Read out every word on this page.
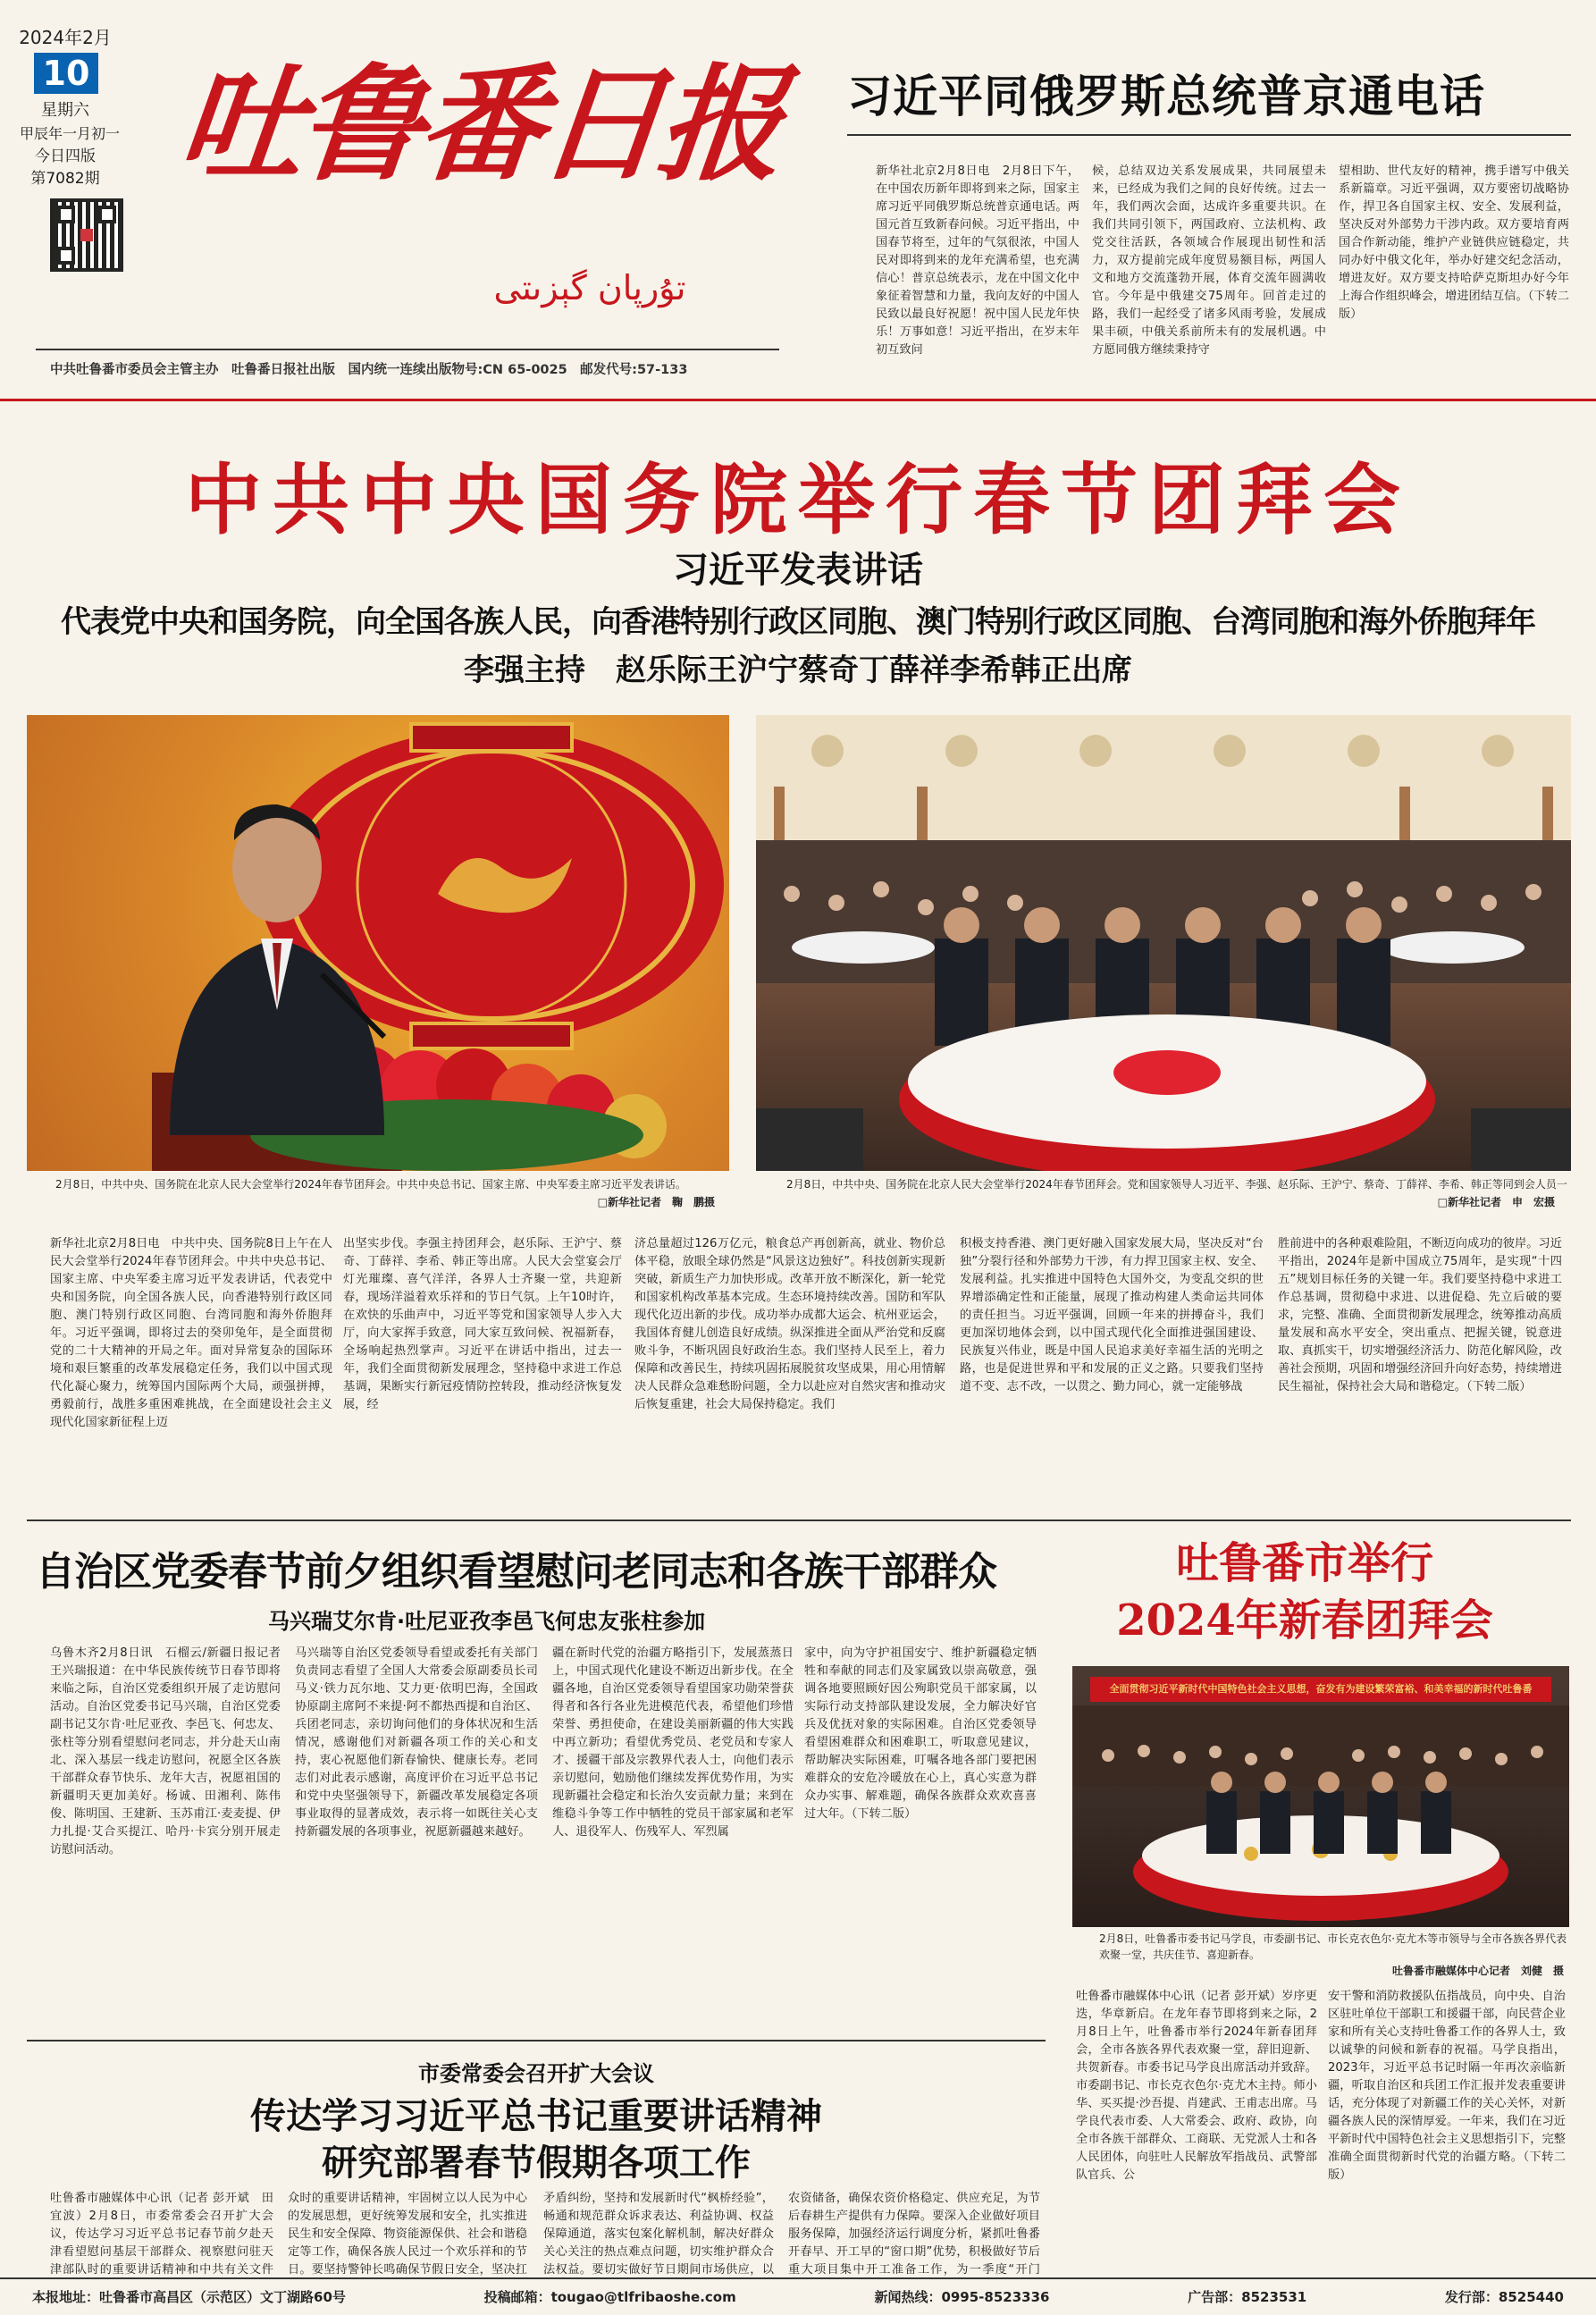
2024年2月
10
星期六
甲辰年一月初一
今日四版
第7082期 吐鲁番日报
تۇرپان گېزىتى
中共吐鲁番市委员会主管主办　吐鲁番日报社出版　国内统一连续出版物号:CN 65-0025　邮发代号:57-133
习近平同俄罗斯总统普京通电话
新华社北京2月8日电　2月8日下午，在中国农历新年即将到来之际，国家主席习近平同俄罗斯总统普京通电话。两国元首互致新春问候。习近平指出，中国春节将至，过年的气氛很浓，中国人民对即将到来的龙年充满希望，也充满信心！普京总统表示，龙在中国文化中象征着智慧和力量，我向友好的中国人民致以最良好祝愿！祝中国人民龙年快乐！万事如意！习近平指出，在岁末年初互致问
候，总结双边关系发展成果，共同展望未来，已经成为我们之间的良好传统。过去一年，我们两次会面，达成许多重要共识。在我们共同引领下，两国政府、立法机构、政党交往活跃，各领域合作展现出韧性和活力，双方提前完成年度贸易额目标，两国人文和地方交流蓬勃开展，体育交流年圆满收官。今年是中俄建交75周年。回首走过的路，我们一起经受了诸多风雨考验，发展成果丰硕，中俄关系前所未有的发展机遇。中方愿同俄方继续秉持守
望相助、世代友好的精神，携手谱写中俄关系新篇章。习近平强调，双方要密切战略协作，捍卫各自国家主权、安全、发展利益，坚决反对外部势力干涉内政。双方要培育两国合作新动能，维护产业链供应链稳定，共同办好中俄文化年，举办好建交纪念活动，增进友好。双方要支持哈萨克斯坦办好今年上海合作组织峰会，增进团结互信。（下转二版）
中共中央国务院举行春节团拜会
习近平发表讲话
代表党中央和国务院，向全国各族人民，向香港特别行政区同胞、澳门特别行政区同胞、台湾同胞和海外侨胞拜年
李强主持　赵乐际王沪宁蔡奇丁薛祥李希韩正出席
2月8日，中共中央、国务院在北京人民大会堂举行2024年春节团拜会。中共中央总书记、国家主席、中央军委主席习近平发表讲话。
□新华社记者　鞠　鹏摄
2月8日，中共中央、国务院在北京人民大会堂举行2024年春节团拜会。党和国家领导人习近平、李强、赵乐际、王沪宁、蔡奇、丁薛祥、李希、韩正等同到会人员一
□新华社记者　申　宏摄
新华社北京2月8日电　中共中央、国务院8日上午在人民大会堂举行2024年春节团拜会。中共中央总书记、国家主席、中央军委主席习近平发表讲话，代表党中央和国务院，向全国各族人民，向香港特别行政区同胞、澳门特别行政区同胞、台湾同胞和海外侨胞拜年。习近平强调，即将过去的癸卯兔年，是全面贯彻党的二十大精神的开局之年。面对异常复杂的国际环境和艰巨繁重的改革发展稳定任务，我们以中国式现代化凝心聚力，统筹国内国际两个大局，顽强拼搏，勇毅前行，战胜多重困难挑战，在全面建设社会主义现代化国家新征程上迈
出坚实步伐。李强主持团拜会，赵乐际、王沪宁、蔡奇、丁薛祥、李希、韩正等出席。人民大会堂宴会厅灯光璀璨、喜气洋洋，各界人士齐聚一堂，共迎新春，现场洋溢着欢乐祥和的节日气氛。上午10时许，在欢快的乐曲声中，习近平等党和国家领导人步入大厅，向大家挥手致意，同大家互致问候、祝福新春，全场响起热烈掌声。习近平在讲话中指出，过去一年，我们全面贯彻新发展理念，坚持稳中求进工作总基调，果断实行新冠疫情防控转段，推动经济恢复发展，经
济总量超过126万亿元，粮食总产再创新高，就业、物价总体平稳，放眼全球仍然是“风景这边独好”。科技创新实现新突破，新质生产力加快形成。改革开放不断深化，新一轮党和国家机构改革基本完成。生态环境持续改善。国防和军队现代化迈出新的步伐。成功举办成都大运会、杭州亚运会，我国体育健儿创造良好成绩。纵深推进全面从严治党和反腐败斗争，不断巩固良好政治生态。我们坚持人民至上，着力保障和改善民生，持续巩固拓展脱贫攻坚成果，用心用情解决人民群众急难愁盼问题，全力以赴应对自然灾害和推动灾后恢复重建，社会大局保持稳定。我们
积极支持香港、澳门更好融入国家发展大局，坚决反对“台独”分裂行径和外部势力干涉，有力捍卫国家主权、安全、发展利益。扎实推进中国特色大国外交，为变乱交织的世界增添确定性和正能量，展现了推动构建人类命运共同体的责任担当。习近平强调，回顾一年来的拼搏奋斗，我们更加深切地体会到，以中国式现代化全面推进强国建设、民族复兴伟业，既是中国人民追求美好幸福生活的光明之路，也是促进世界和平和发展的正义之路。只要我们坚持道不变、志不改，一以贯之、勤力同心，就一定能够战
胜前进中的各种艰难险阻，不断迈向成功的彼岸。习近平指出，2024年是新中国成立75周年，是实现“十四五”规划目标任务的关键一年。我们要坚持稳中求进工作总基调，贯彻稳中求进、以进促稳、先立后破的要求，完整、准确、全面贯彻新发展理念，统筹推动高质量发展和高水平安全，突出重点、把握关键，锐意进取、真抓实干，切实增强经济活力、防范化解风险，改善社会预期，巩固和增强经济回升向好态势，持续增进民生福祉，保持社会大局和谐稳定。（下转二版）
自治区党委春节前夕组织看望慰问老同志和各族干部群众
马兴瑞艾尔肯·吐尼亚孜李邑飞何忠友张柱参加
乌鲁木齐2月8日讯　石榴云/新疆日报记者王兴瑞报道：在中华民族传统节日春节即将来临之际，自治区党委组织开展了走访慰问活动。自治区党委书记马兴瑞，自治区党委副书记艾尔肯·吐尼亚孜、李邑飞、何忠友、张柱等分别看望慰问老同志，并分赴天山南北、深入基层一线走访慰问，祝愿全区各族干部群众春节快乐、龙年大吉，祝愿祖国的新疆明天更加美好。杨诚、田湘利、陈伟俊、陈明国、王建新、玉苏甫江·麦麦提、伊力扎提·艾合买提江、哈丹·卡宾分别开展走访慰问活动。
马兴瑞等自治区党委领导看望或委托有关部门负责同志看望了全国人大常委会原副委员长司马义·铁力瓦尔地、艾力更·依明巴海，全国政协原副主席阿不来提·阿不都热西提和自治区、兵团老同志，亲切询问他们的身体状况和生活情况，感谢他们对新疆各项工作的关心和支持，衷心祝愿他们新春愉快、健康长寿。老同志们对此表示感谢，高度评价在习近平总书记和党中央坚强领导下，新疆改革发展稳定各项事业取得的显著成效，表示将一如既往关心支持新疆发展的各项事业，祝愿新疆越来越好。
疆在新时代党的治疆方略指引下，发展蒸蒸日上，中国式现代化建设不断迈出新步伐。在全疆各地，自治区党委领导看望国家功勋荣誉获得者和各行各业先进模范代表，希望他们珍惜荣誉、勇担使命，在建设美丽新疆的伟大实践中再立新功；看望优秀党员、老党员和专家人才、援疆干部及宗教界代表人士，向他们表示亲切慰问，勉励他们继续发挥优势作用，为实现新疆社会稳定和长治久安贡献力量；来到在维稳斗争等工作中牺牲的党员干部家属和老军人、退役军人、伤残军人、军烈属
家中，向为守护祖国安宁、维护新疆稳定牺牲和奉献的同志们及家属致以崇高敬意，强调各地要照顾好因公殉职党员干部家属，以实际行动支持部队建设发展，全力解决好官兵及优抚对象的实际困难。自治区党委领导看望困难群众和困难职工，听取意见建议，帮助解决实际困难，叮嘱各地各部门要把困难群众的安危冷暖放在心上，真心实意为群众办实事、解难题，确保各族群众欢欢喜喜过大年。（下转二版）
吐鲁番市举行
2024年新春团拜会
全面贯彻习近平新时代中国特色社会主义思想，奋发有为建设繁荣富裕、和美幸福的新时代吐鲁番
2月8日，吐鲁番市委书记马学良，市委副书记、市长克衣色尔·克尤木等市领导与全市各族各界代表欢聚一堂，共庆佳节、喜迎新春。
吐鲁番市融媒体中心记者　刘健　摄
吐鲁番市融媒体中心讯（记者 彭开斌）岁序更迭，华章新启。在龙年春节即将到来之际，2月8日上午，吐鲁番市举行2024年新春团拜会，全市各族各界代表欢聚一堂，辞旧迎新、共贺新春。市委书记马学良出席活动并致辞。市委副书记、市长克衣色尔·克尤木主持。师小华、买买提·沙吾提、肖建武、王甫志出席。马学良代表市委、人大常委会、政府、政协，向全市各族干部群众、工商联、无党派人士和各人民团体，向驻吐人民解放军指战员、武警部队官兵、公
安干警和消防救援队伍指战员，向中央、自治区驻吐单位干部职工和援疆干部，向民营企业家和所有关心支持吐鲁番工作的各界人士，致以诚挚的问候和新春的祝福。马学良指出，2023年，习近平总书记时隔一年再次亲临新疆，听取自治区和兵团工作汇报并发表重要讲话，充分体现了对新疆工作的关心关怀，对新疆各族人民的深情厚爱。一年来，我们在习近平新时代中国特色社会主义思想指引下，完整准确全面贯彻新时代党的治疆方略。（下转二版）
市委常委会召开扩大会议
传达学习习近平总书记重要讲话精神
研究部署春节假期各项工作
吐鲁番市融媒体中心讯（记者 彭开斌　田宜波）2月8日，市委常委会召开扩大会议，传达学习习近平总书记春节前夕赴天津看望慰问基层干部群众、视察慰问驻天津部队时的重要讲话精神和中共有关文件
众时的重要讲话精神，牢固树立以人民为中心的发展思想，更好统筹发展和安全，扎实推进民生和安全保障、物资能源保供、社会和谐稳定等工作，确保各族人民过一个欢乐祥和的节日。要坚持警钟长鸣确保节假日安全，坚决扛
矛盾纠纷，坚持和发展新时代“枫桥经验”，畅通和规范群众诉求表达、利益协调、权益保障通道，落实包案化解机制，解决好群众关心关注的热点难点问题，切实维护群众合法权益。要切实做好节日期间市场供应，以
农资储备，确保农资价格稳定、供应充足，为节后春耕生产提供有力保障。要深入企业做好项目服务保障，加强经济运行调度分析，紧抓吐鲁番开春早、开工早的“窗口期”优势，积极做好节后重大项目集中开工准备工作，为一季度“开门
本报地址：吐鲁番市高昌区（示范区）文丁湖路60号	投稿邮箱：tougao@tlfribaoshe.com	新闻热线：0995-8523336	广告部：8523531	发行部：8525440
